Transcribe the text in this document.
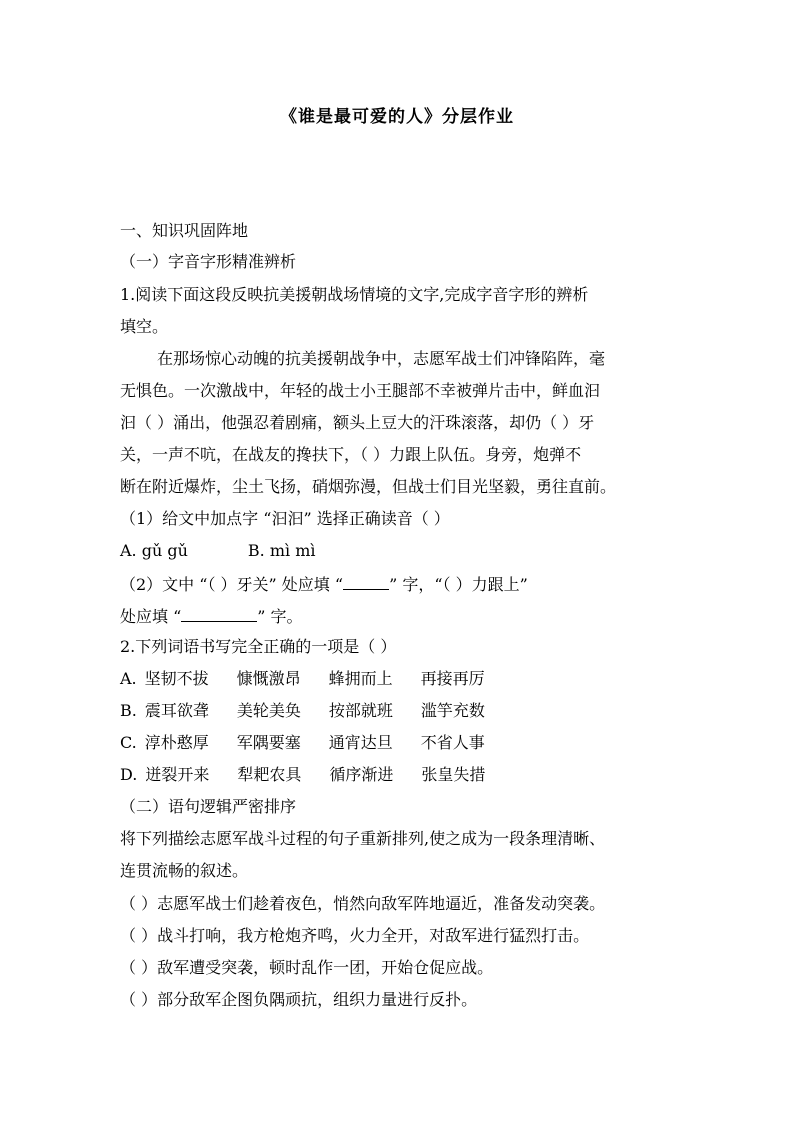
《谁是最可爱的人》分层作业
一、知识巩固阵地
（一）字音字形精准辨析
1.阅读下面这段反映抗美援朝战场情境的文字,完成字音字形的辨析
填空。
在那场惊心动魄的抗美援朝战争中，志愿军战士们冲锋陷阵，毫
无惧色。一次激战中，年轻的战士小王腿部不幸被弹片击中，鲜血汩
汩（ ）涌出，他强忍着剧痛，额头上豆大的汗珠滚落，却仍（ ）牙
关，一声不吭，在战友的搀扶下，（ ）力跟上队伍。身旁，炮弹不
断在附近爆炸，尘土飞扬，硝烟弥漫，但战士们目光坚毅，勇往直前。
（1）给文中加点字 “汩汩” 选择正确读音（ ）
A. gǔ gǔ	B. mì mì
（2）文中 “（ ）牙关” 处应填 “	” 字，“（ ）力跟上”
处应填 “	” 字。
2.下列词语书写完全正确的一项是（ ）
A. 坚韧不拔 慷慨激昂 蜂拥而上 再接再厉
B. 震耳欲聋 美轮美奂 按部就班 滥竽充数
C. 淳朴憨厚 军隅要塞 通宵达旦 不省人事
D. 迸裂开来 犁耙农具 循序渐进 张皇失措
（二）语句逻辑严密排序
将下列描绘志愿军战斗过程的句子重新排列,使之成为一段条理清晰、
连贯流畅的叙述。
（ ）志愿军战士们趁着夜色，悄然向敌军阵地逼近，准备发动突袭。
（ ）战斗打响，我方枪炮齐鸣，火力全开，对敌军进行猛烈打击。
（ ）敌军遭受突袭，顿时乱作一团，开始仓促应战。
（ ）部分敌军企图负隅顽抗，组织力量进行反扑。
